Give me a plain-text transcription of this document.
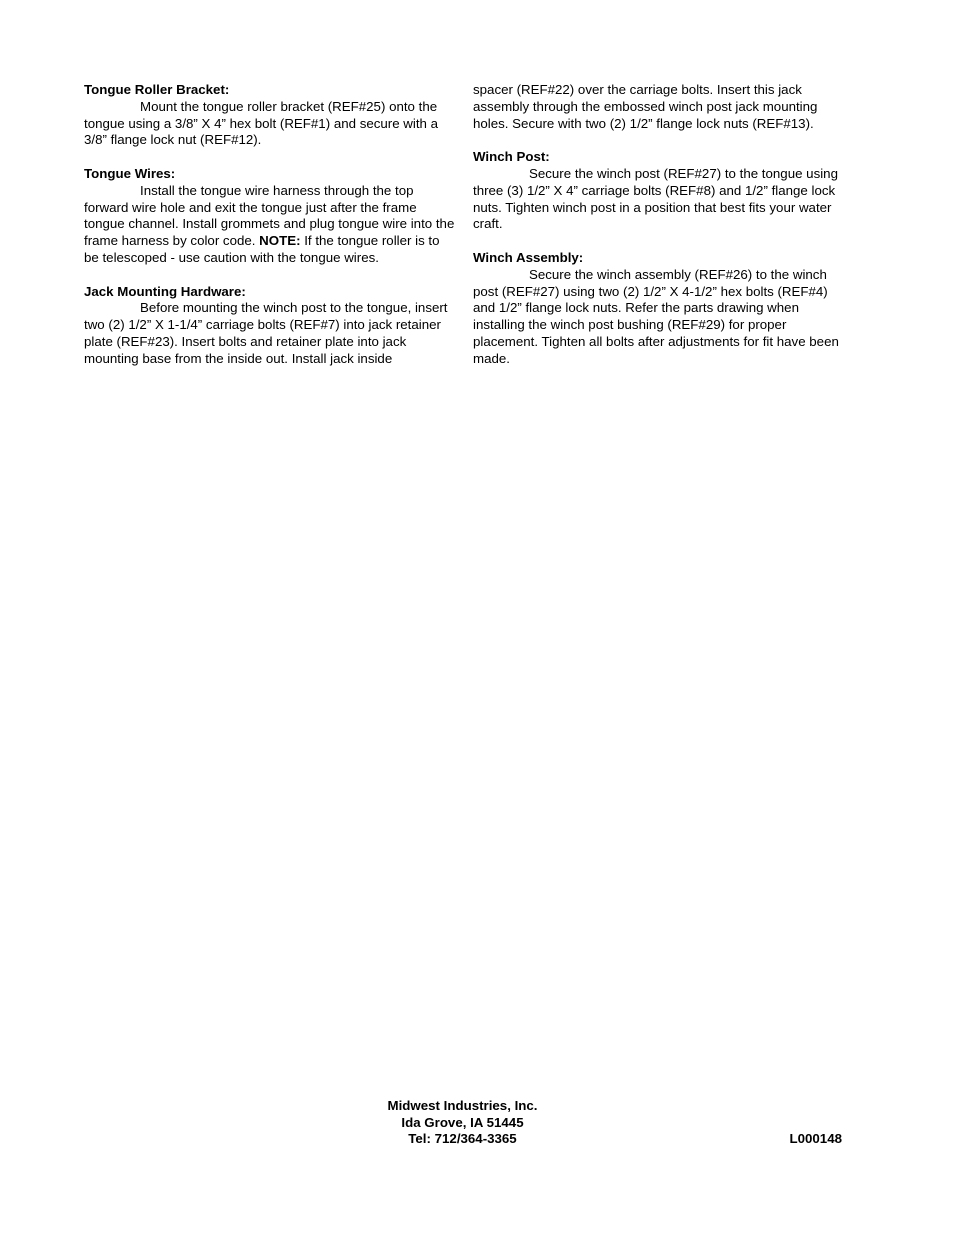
Tongue Roller Bracket:

Mount the tongue roller bracket (REF#25) onto the tongue using a 3/8” X 4” hex bolt (REF#1) and secure with a 3/8” flange lock nut (REF#12).

Tongue Wires:

Install the tongue wire harness through the top forward wire hole and exit the tongue just after the frame tongue channel. Install grommets and plug tongue wire into the frame harness by color code. NOTE: If the tongue roller is to be telescoped - use caution with the tongue wires.

Jack Mounting Hardware:

Before mounting the winch post to the tongue, insert two (2) 1/2” X 1-1/4” carriage bolts (REF#7) into jack retainer plate (REF#23). Insert bolts and retainer plate into jack mounting base from the inside out. Install jack inside

spacer (REF#22) over the carriage bolts. Insert this jack assembly through the embossed winch post jack mounting holes. Secure with two (2) 1/2” flange lock nuts (REF#13).

Winch Post:

Secure the winch post (REF#27) to the tongue using three (3) 1/2” X 4” carriage bolts (REF#8) and 1/2” flange lock nuts. Tighten winch post in a position that best fits your water craft.

Winch Assembly:

Secure the winch assembly (REF#26) to the winch post (REF#27) using two (2) 1/2” X 4-1/2” hex bolts (REF#4) and 1/2” flange lock nuts. Refer the parts drawing when installing the winch post bushing (REF#29) for proper placement. Tighten all bolts after adjustments for fit have been made.

Midwest Industries, Inc.
Ida Grove, IA 51445
Tel: 712/364-3365	L000148
